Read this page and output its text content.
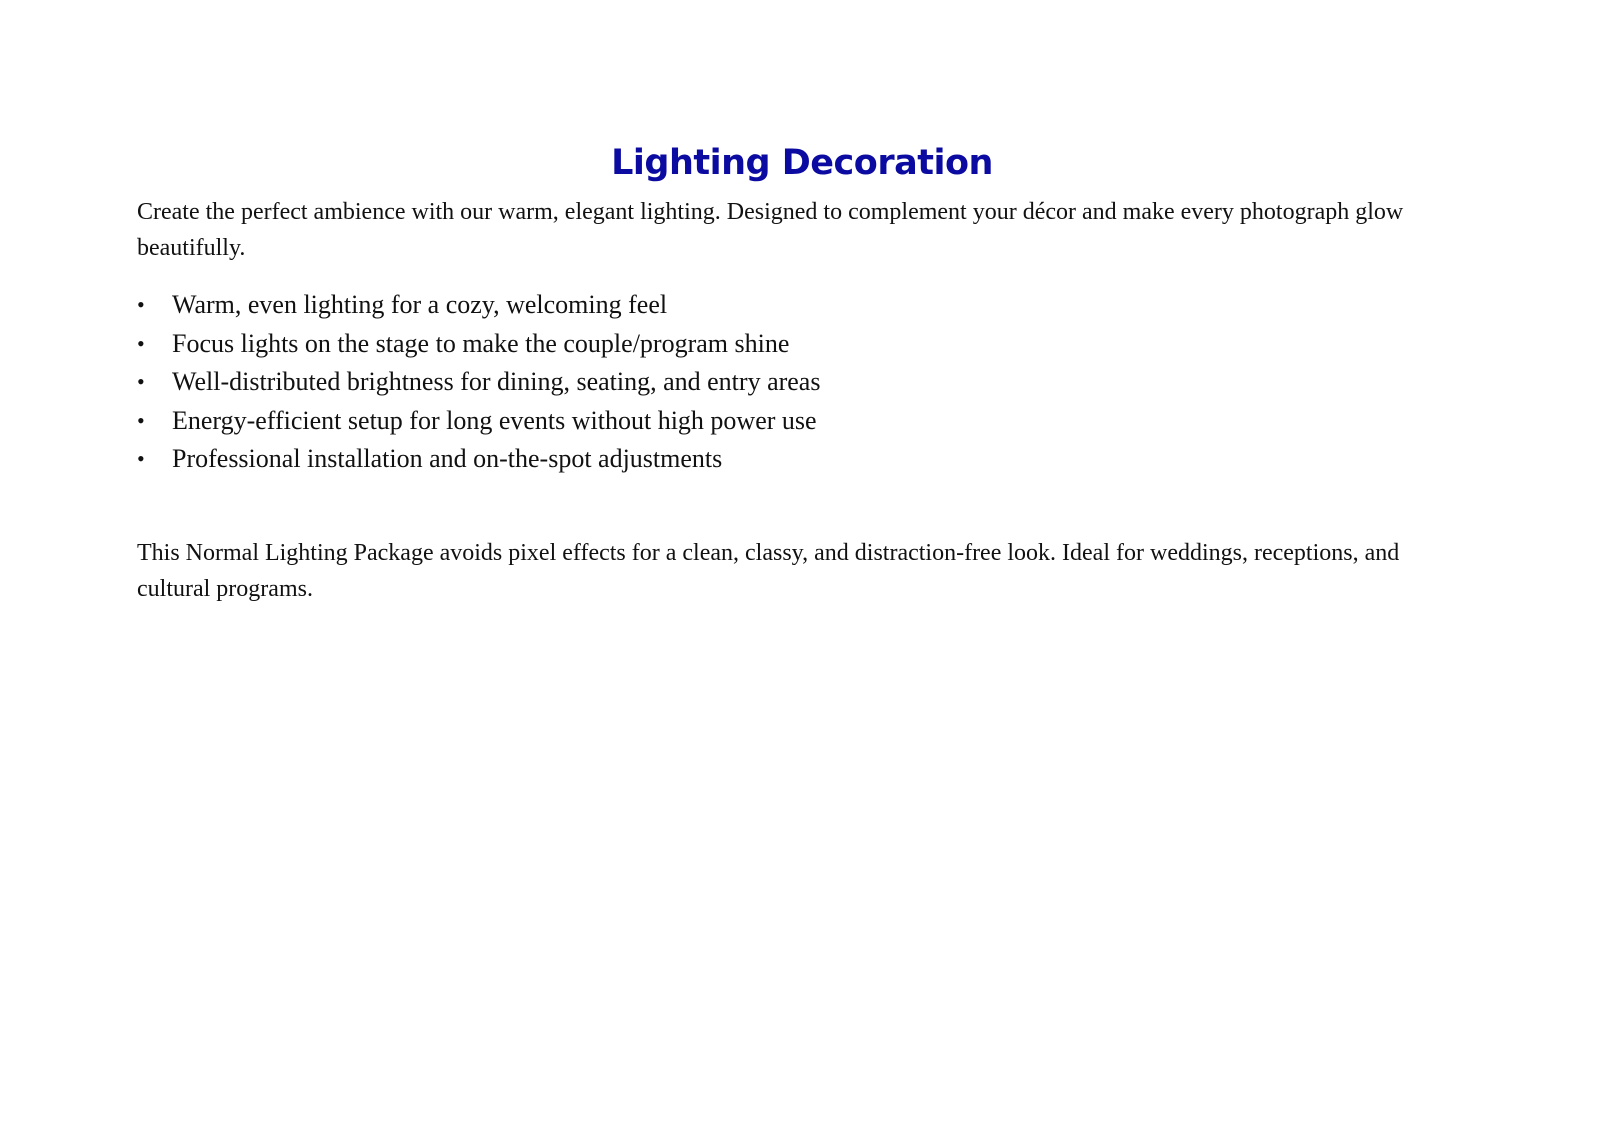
Lighting Decoration

Create the perfect ambience with our warm, elegant lighting. Designed to complement your décor and make every photograph glow beautifully.

•	Warm, even lighting for a cozy, welcoming feel
•	Focus lights on the stage to make the couple/program shine
•	Well-distributed brightness for dining, seating, and entry areas
•	Energy-efficient setup for long events without high power use
•	Professional installation and on-the-spot adjustments

This Normal Lighting Package avoids pixel effects for a clean, classy, and distraction-free look. Ideal for weddings, receptions, and cultural programs.
